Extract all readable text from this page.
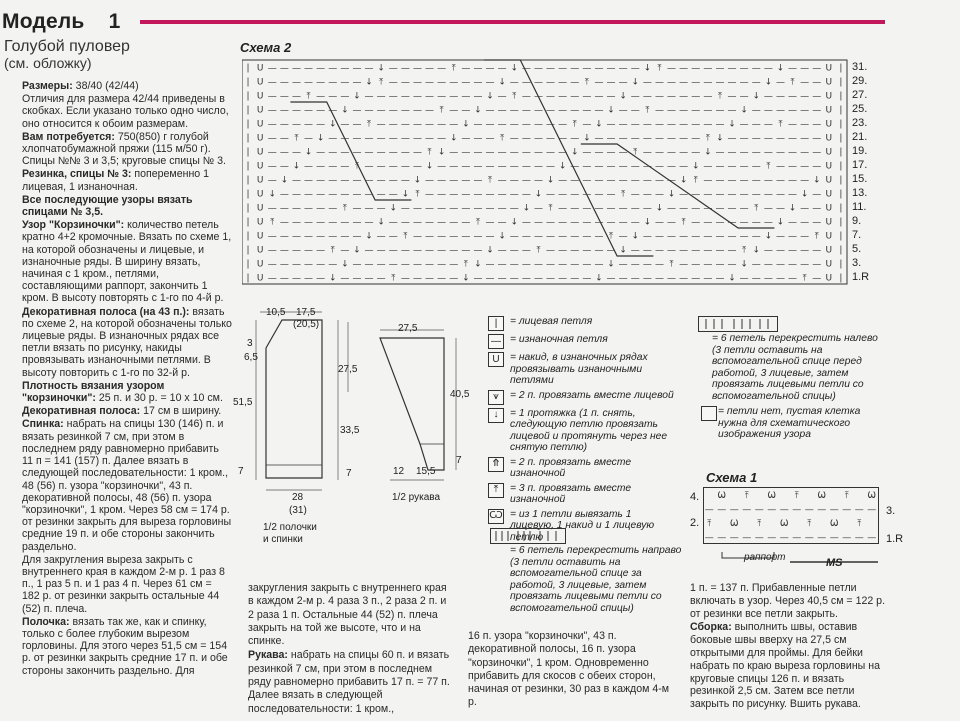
Модель 1
Голубой пуловер
(см. обложку)

Размеры: 38/40 (42/44)

Отличия для размера 42/44 приведены в скобках. Если указано только одно число, оно относится к обоим размерам.

Вам потребуется: 750(850) г голубой хлопчатобумажной пряжи (115 м/50 г). Спицы №№ 3 и 3,5; круговые спицы № 3.

Резинка, спицы № 3: попеременно 1 лицевая, 1 изнаночная.

Все последующие узоры вязать спицами № 3,5.

Узор "Корзиночки": количество петель кратно 4+2 кромочные. Вязать по схеме 1, на которой обозначены и лицевые, и изнаночные ряды. В ширину вязать, начиная с 1 кром., петлями, составляющими раппорт, закончить 1 кром. В высоту повторять с 1-го по 4-й р.

Декоративная полоса (на 43 п.): вязать по схеме 2, на которой обозначены только лицевые ряды. В изнаночных рядах все петли вязать по рисунку, накиды провязывать изнаночными петлями. В высоту повторить с 1-го по 32-й р.

Плотность вязания узором "корзиночки": 25 п. и 30 р. = 10 х 10 см.

Декоративная полоса: 17 см в ширину.

Спинка: набрать на спицы 130 (146) п. и вязать резинкой 7 см, при этом в последнем ряду равномерно прибавить 11 п = 141 (157) п. Далее вязать в следующей последовательности: 1 кром., 48 (56) п. узора "корзиночки", 43 п. декоративной полосы, 48 (56) п. узора "корзиночки", 1 кром. Через 58 см = 174 р. от резинки закрыть для выреза горловины средние 19 п. и обе стороны закончить раздельно.

Для закругления выреза закрыть с внутреннего края в каждом 2-м р. 1 раз 8 п., 1 раз 5 п. и 1 раз 4 п. Через 61 см = 182 р. от резинки закрыть остальные 44 (52) п. плеча.

Полочка: вязать так же, как и спинку, только с более глубоким вырезом горловины. Для этого через 51,5 см = 154 р. от резинки закрыть средние 17 п. и обе стороны закончить раздельно. Для

Схема 2
| U — — — — — — — — — ↓ — — — — — ⤒ — — — — ↓ — — — — — — — — — — ↓ ⤒ — — — — — — — — — ↓ — — — U |
| U — — — — — — — — ↓ ⤒ — — — — — — — — — ↓ — — — — — — ⤒ — — — ↓ — — — — — — — — — — ↓ — ⤒ — — U |
| U — — — ⤒ — — — ↓ — — — — — — — — — — ↓ — ⤒ — — — — — — — — ↓ — — — — — — — ⤒ — — ↓ — — — — — U |
| U — — — — — — ↓ — — — — — — — ⤒ — — ↓ — — — — — — — — — — ↓ — — ⤒ — — — — — — — ↓ — — — — — — U |
| U — — — — — ↓ — — ⤒ — — — — — — — ↓ — — — — — — — — ⤒ — ↓ — — — — — — — — — — ↓ — — — ⤒ — — — U |
| U — — ⤒ — ↓ — — — — — — — — — — ↓ — — — ⤒ — — — — — — ↓ — — — — — — — — — ⤒ ↓ — — — — — — — — U |
| U — — — ↓ — — — — — — — — — ⤒ ↓ — — — — — — — — — — ↓ — — — — ⤒ — — — — — ↓ — — — — — — — — — U |
| U — — ↓ — — — — ⤒ — — — — — ↓ — — — — — — — — — — ↓ — — — — — — — — — — ↓ — — — — — ⤒ — — — — U |
| U — ↓ — — — — — — — — — — ↓ — — — — — ⤒ — — — — ↓ — — — — — — — — — — ↓ ⤒ — — — — — — — — — ↓ U |
| U ↓ — — — — — — — — — — ↓ ⤒ — — — — — — — — — ↓ — — — — — — ⤒ — — — ↓ — — — — — — — — — — ↓ — U |
| U — — — — — — ⤒ — — — ↓ — — — — — — — — — — ↓ — ⤒ — — — — — — — — ↓ — — — — — — — ⤒ — — ↓ — — U |
| U ⤒ — — — — — — — — ↓ — — — — — — — ⤒ — — ↓ — — — — — — — — — — ↓ — — ⤒ — — — — — — — ↓ — — — U |
| U — — — — — — — — ↓ — — ⤒ — — — — — — — ↓ — — — — — — — — ⤒ — ↓ — — — — — — — — — — ↓ — — — ⤒ U |
| U — — — — — ⤒ — ↓ — — — — — — — — — — ↓ — — — ⤒ — — — — — — ↓ — — — — — — — — — ⤒ ↓ — — — — — U |
| U — — — — — — ↓ — — — — — — — — — ⤒ ↓ — — — — — — — — — — ↓ — — — — ⤒ — — — — — ↓ — — — — — — U |
| U — — — — — ↓ — — — — ⤒ — — — — — ↓ — — — — — — — — — — ↓ — — — — — — — — — — ↓ — — — — — ⤒ — U |
31.
29.
27.
25.
23.
21.
19.
17.
15.
13.
11.
9.
7.
5.
3.
1.R
10,5 17,5
(20,5)
3
6,5
51,5
27,5
33,5
7	7
28
(31)
1/2 полочки
и спинки
27,5
40,5
7
12 15,5
1/2 рукава
|	= лицевая петля
— = изнаночная петля
U	= накид, в изнаночных рядах провязывать изнаночными петлями
⩛	= 2 п. провязать вместе лицевой
↓	= 1 протяжка (1 п. снять, следующую петлю провязать лицевой и протянуть через нее снятую петлю)
⤊ = 2 п. провязать вместе изнаночной
⤒	= 3 п. провязать вместе изнаночной
Ѡ = из 1 петли вывязать 1 лицевую, 1 накид и 1 лицевую петлю
= 6 петель перекрестить направо (3 петли оставить на вспомогательной спице за работой, 3 лицевые, затем провязать лицевыми петли со вспомогательной спицы)
= 6 петель перекрестить налево (3 петли оставить на вспомогательной спице перед работой, 3 лицевые, затем провязать лицевыми петли со вспомогательной спицы)
= петли нет, пустая клетка нужна для схематического изображения узора
Схема 1
Ѡ ⤒ Ѡ ⤒ Ѡ ⤒ Ѡ
— — — — — — — — — — — — — —
⤒ Ѡ ⤒ Ѡ ⤒ Ѡ ⤒
— — — — — — — — — — — — — —
4.
2.
3.
1.R
раппорт	MS

закругления закрыть с внутреннего края в каждом 2-м р. 4 раза 3 п., 2 раза 2 п. и 2 раза 1 п. Остальные 44 (52) п. плеча закрыть на той же высоте, что и на спинке.

Рукава: набрать на спицы 60 п. и вязать резинкой 7 см, при этом в последнем ряду равномерно прибавить 17 п. = 77 п. Далее вязать в следующей последовательности: 1 кром.,

16 п. узора "корзиночки", 43 п. декоративной полосы, 16 п. узора "корзиночки", 1 кром. Одновременно прибавить для скосов с обеих сторон, начиная от резинки, 30 раз в каждом 4-м р.

1 п. = 137 п. Прибавленные петли включать в узор. Через 40,5 см = 122 р. от резинки все петли закрыть.

Сборка: выполнить швы, оставив боковые швы вверху на 27,5 см открытыми для проймы. Для бейки набрать по краю выреза горловины на круговые спицы 126 п. и вязать резинкой 2,5 см. Затем все петли закрыть по рисунку. Вшить рукава.
